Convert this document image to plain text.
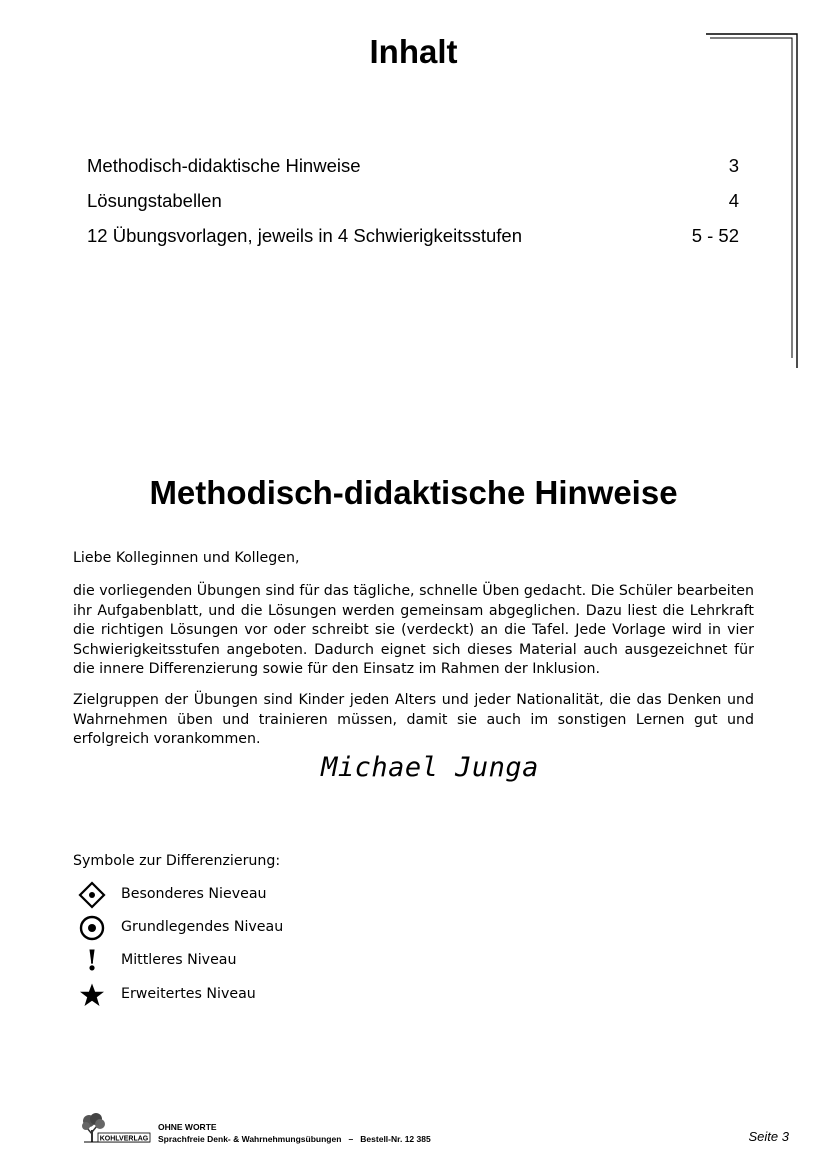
Inhalt
Methodisch-didaktische Hinweise	3
Lösungstabellen	4
12 Übungsvorlagen, jeweils in 4 Schwierigkeitsstufen	5 - 52
Methodisch-didaktische Hinweise

Liebe Kolleginnen und Kollegen,

die vorliegenden Übungen sind für das tägliche, schnelle Üben gedacht. Die Schüler bearbeiten ihr Aufgabenblatt, und die Lösungen werden gemeinsam abgeglichen. Dazu liest die Lehrkraft die richtigen Lösungen vor oder schreibt sie (verdeckt) an die Tafel. Jede Vorlage wird in vier Schwierigkeitsstufen angeboten. Dadurch eignet sich dieses Material auch ausgezeichnet für die innere Differenzierung sowie für den Einsatz im Rahmen der Inklusion.

Zielgruppen der Übungen sind Kinder jeden Alters und jeder Nationalität, die das Denken und Wahrnehmen üben und trainieren müssen, damit sie auch im sonstigen Lernen gut und erfolgreich vorankommen.

Michael Junga
Symbole zur Differenzierung:
Besonderes Nieveau
Grundlegendes Niveau
!	Mittleres Niveau
Erweitertes Niveau
KOHLVERLAG
OHNE WORTE
Sprachfreie Denk- & Wahrnehmungsübungen   –   Bestell-Nr. 12 385	Seite 3
